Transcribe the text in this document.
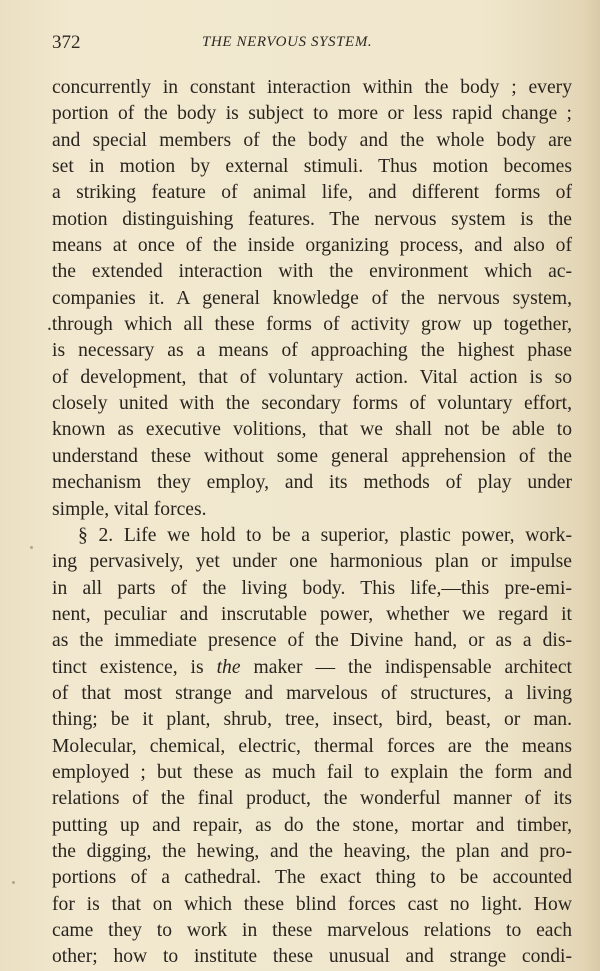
372	THE NERVOUS SYSTEM.
concurrently in constant interaction within the body ; every
portion of the body is subject to more or less rapid change ;
and special members of the body and the whole body are
set in motion by external stimuli. Thus motion becomes
a striking feature of animal life, and different forms of
motion distinguishing features. The nervous system is the
means at once of the inside organizing process, and also of
the extended interaction with the environment which ac-
companies it. A general knowledge of the nervous system,
.through which all these forms of activity grow up together,
is necessary as a means of approaching the highest phase
of development, that of voluntary action. Vital action is so
closely united with the secondary forms of voluntary effort,
known as executive volitions, that we shall not be able to
understand these without some general apprehension of the
mechanism they employ, and its methods of play under
simple, vital forces.
§ 2. Life we hold to be a superior, plastic power, work-
ing pervasively, yet under one harmonious plan or impulse
in all parts of the living body. This life,—this pre-emi-
nent, peculiar and inscrutable power, whether we regard it
as the immediate presence of the Divine hand, or as a dis-
tinct existence, is the maker — the indispensable architect
of that most strange and marvelous of structures, a living
thing; be it plant, shrub, tree, insect, bird, beast, or man.
Molecular, chemical, electric, thermal forces are the means
employed ; but these as much fail to explain the form and
relations of the final product, the wonderful manner of its
putting up and repair, as do the stone, mortar and timber,
the digging, the hewing, and the heaving, the plan and pro-
portions of a cathedral. The exact thing to be accounted
for is that on which these blind forces cast no light. How
came they to work in these marvelous relations to each
other; how to institute these unusual and strange condi-
